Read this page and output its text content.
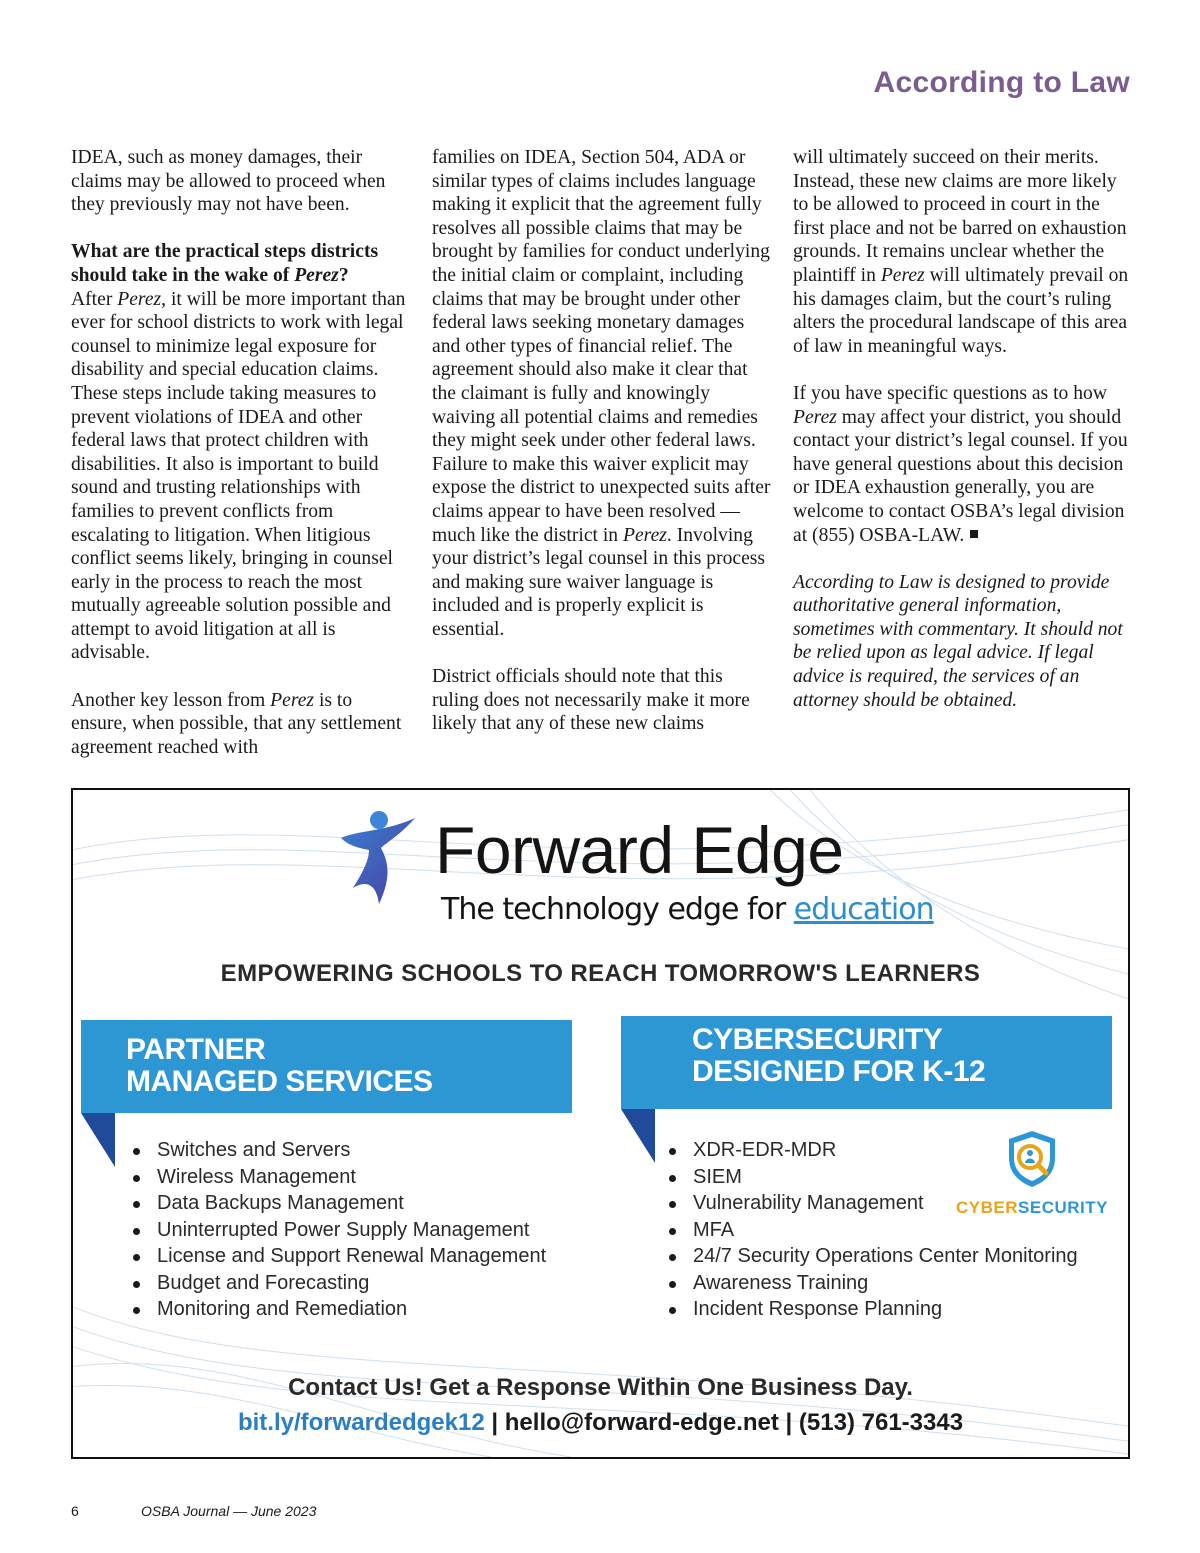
According to Law

IDEA, such as money damages, their claims may be allowed to proceed when they previously may not have been.

What are the practical steps districts should take in the wake of Perez?

After Perez, it will be more important than ever for school districts to work with legal counsel to minimize legal exposure for disability and special education claims. These steps include taking measures to prevent violations of IDEA and other federal laws that protect children with disabilities. It also is important to build sound and trusting relationships with families to prevent conflicts from escalating to litigation. When litigious conflict seems likely, bringing in counsel early in the process to reach the most mutually agreeable solution possible and attempt to avoid litigation at all is advisable.

Another key lesson from Perez is to ensure, when possible, that any settlement agreement reached with

families on IDEA, Section 504, ADA or similar types of claims includes language making it explicit that the agreement fully resolves all possible claims that may be brought by families for conduct underlying the initial claim or complaint, including claims that may be brought under other federal laws seeking monetary damages and other types of financial relief. The agreement should also make it clear that the claimant is fully and knowingly waiving all potential claims and remedies they might seek under other federal laws. Failure to make this waiver explicit may expose the district to unexpected suits after claims appear to have been resolved — much like the district in Perez. Involving your district’s legal counsel in this process and making sure waiver language is included and is properly explicit is essential.

District officials should note that this ruling does not necessarily make it more likely that any of these new claims

will ultimately succeed on their merits. Instead, these new claims are more likely to be allowed to proceed in court in the first place and not be barred on exhaustion grounds. It remains unclear whether the plaintiff in Perez will ultimately prevail on his damages claim, but the court’s ruling alters the procedural landscape of this area of law in meaningful ways.

If you have specific questions as to how Perez may affect your district, you should contact your district’s legal counsel. If you have general questions about this decision or IDEA exhaustion generally, you are welcome to contact OSBA’s legal division at (855) OSBA-LAW.

According to Law is designed to provide authoritative general information, sometimes with commentary. It should not be relied upon as legal advice. If legal advice is required, the services of an attorney should be obtained.

Forward Edge
The technology edge for education
EMPOWERING SCHOOLS TO REACH TOMORROW'S LEARNERS
PARTNER
MANAGED SERVICES
Switches and Servers
Wireless Management
Data Backups Management
Uninterrupted Power Supply Management
License and Support Renewal Management
Budget and Forecasting
Monitoring and Remediation
CYBERSECURITY
DESIGNED FOR K-12
XDR-EDR-MDR
SIEM
Vulnerability Management
MFA
24/7 Security Operations Center Monitoring
Awareness Training
Incident Response Planning
CYBERSECURITY
Contact Us! Get a Response Within One Business Day.
bit.ly/forwardedgek12 | hello@forward-edge.net | (513) 761-3343
6	OSBA Journal — June 2023
